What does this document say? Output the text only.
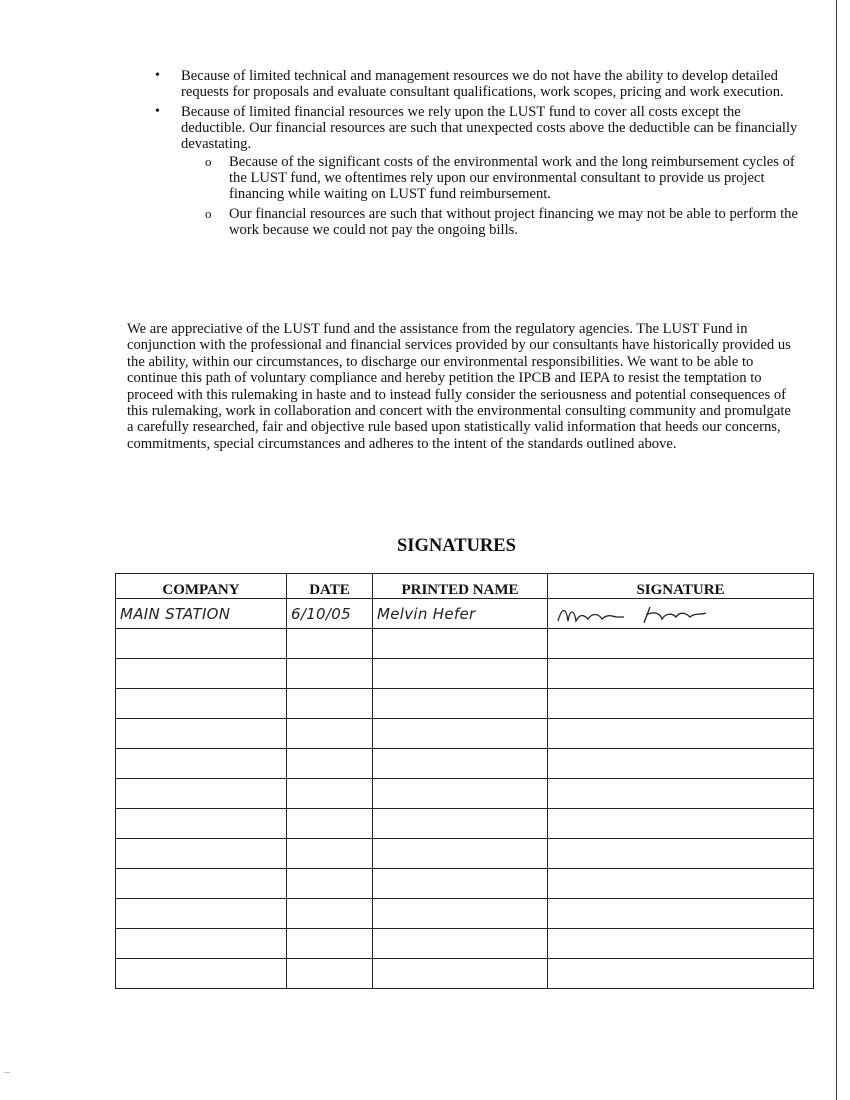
• Because of limited technical and management resources we do not have the ability to develop detailed requests for proposals and evaluate consultant qualifications, work scopes, pricing and work execution.
• Because of limited financial resources we rely upon the LUST fund to cover all costs except the deductible. Our financial resources are such that unexpected costs above the deductible can be financially devastating.
o Because of the significant costs of the environmental work and the long reimbursement cycles of the LUST fund, we oftentimes rely upon our environmental consultant to provide us project financing while waiting on LUST fund reimbursement.
o Our financial resources are such that without project financing we may not be able to perform the work because we could not pay the ongoing bills.

We are appreciative of the LUST fund and the assistance from the regulatory agencies. The LUST Fund in conjunction with the professional and financial services provided by our consultants have historically provided us the ability, within our circumstances, to discharge our environmental responsibilities. We want to be able to continue this path of voluntary compliance and hereby petition the IPCB and IEPA to resist the temptation to proceed with this rulemaking in haste and to instead fully consider the seriousness and potential consequences of this rulemaking, work in collaboration and concert with the environmental consulting community and promulgate a carefully researched, fair and objective rule based upon statistically valid information that heeds our concerns, commitments, special circumstances and adheres to the intent of the standards outlined above.

SIGNATURES
COMPANY	DATE	PRINTED NAME	SIGNATURE

MAIN STATION	6/10/05	Melvin Hefer

...
